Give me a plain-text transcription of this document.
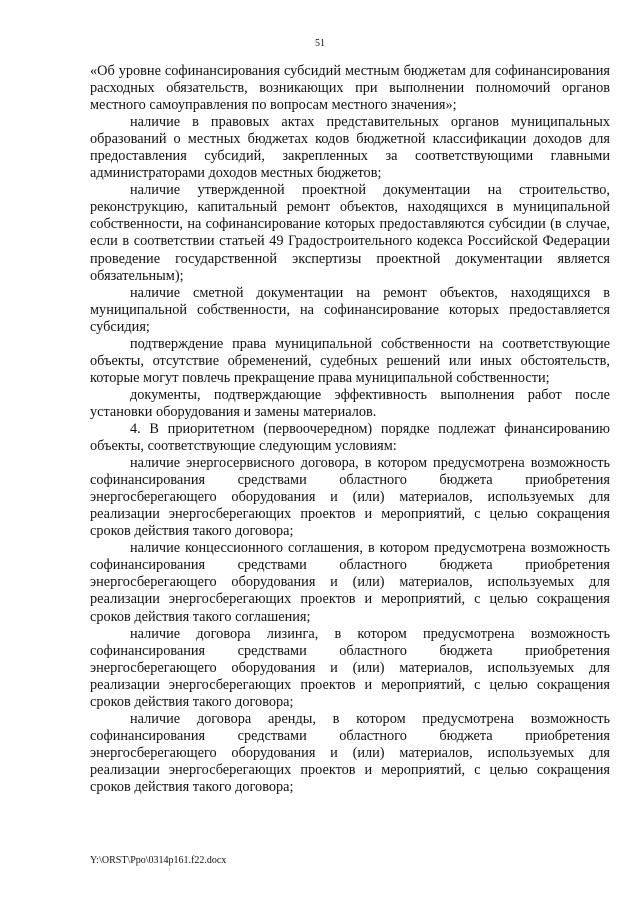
51

«Об уровне софинансирования субсидий местным бюджетам для софинансирования расходных обязательств, возникающих при выполнении полномочий органов местного самоуправления по вопросам местного значения»;

наличие в правовых актах представительных органов муниципальных образований о местных бюджетах кодов бюджетной классификации доходов для предоставления субсидий, закрепленных за соответствующими главными администраторами доходов местных бюджетов;

наличие утвержденной проектной документации на строительство, реконструкцию, капитальный ремонт объектов, находящихся в муниципальной собственности, на софинансирование которых предоставляются субсидии (в случае, если в соответствии статьей 49 Градостроительного кодекса Российской Федерации проведение государственной экспертизы проектной документации является обязательным);

наличие сметной документации на ремонт объектов, находящихся в муниципальной собственности, на софинансирование которых предоставляется субсидия;

подтверждение права муниципальной собственности на соответствующие объекты, отсутствие обременений, судебных решений или иных обстоятельств, которые могут повлечь прекращение права муниципальной собственности;

документы, подтверждающие эффективность выполнения работ после установки оборудования и замены материалов.

4. В приоритетном (первоочередном) порядке подлежат финансированию объекты, соответствующие следующим условиям:

наличие энергосервисного договора, в котором предусмотрена возможность софинансирования средствами областного бюджета приобретения энергосберегающего оборудования и (или) материалов, используемых для реализации энергосберегающих проектов и мероприятий, с целью сокращения сроков действия такого договора;

наличие концессионного соглашения, в котором предусмотрена возможность софинансирования средствами областного бюджета приобретения энергосберегающего оборудования и (или) материалов, используемых для реализации энергосберегающих проектов и мероприятий, с целью сокращения сроков действия такого соглашения;

наличие договора лизинга, в котором предусмотрена возможность софинансирования средствами областного бюджета приобретения энергосберегающего оборудования и (или) материалов, используемых для реализации энергосберегающих проектов и мероприятий, с целью сокращения сроков действия такого договора;

наличие договора аренды, в котором предусмотрена возможность софинансирования средствами областного бюджета приобретения энергосберегающего оборудования и (или) материалов, используемых для реализации энергосберегающих проектов и мероприятий, с целью сокращения сроков действия такого договора;

Y:\ORST\Ppo\0314p161.f22.docx
